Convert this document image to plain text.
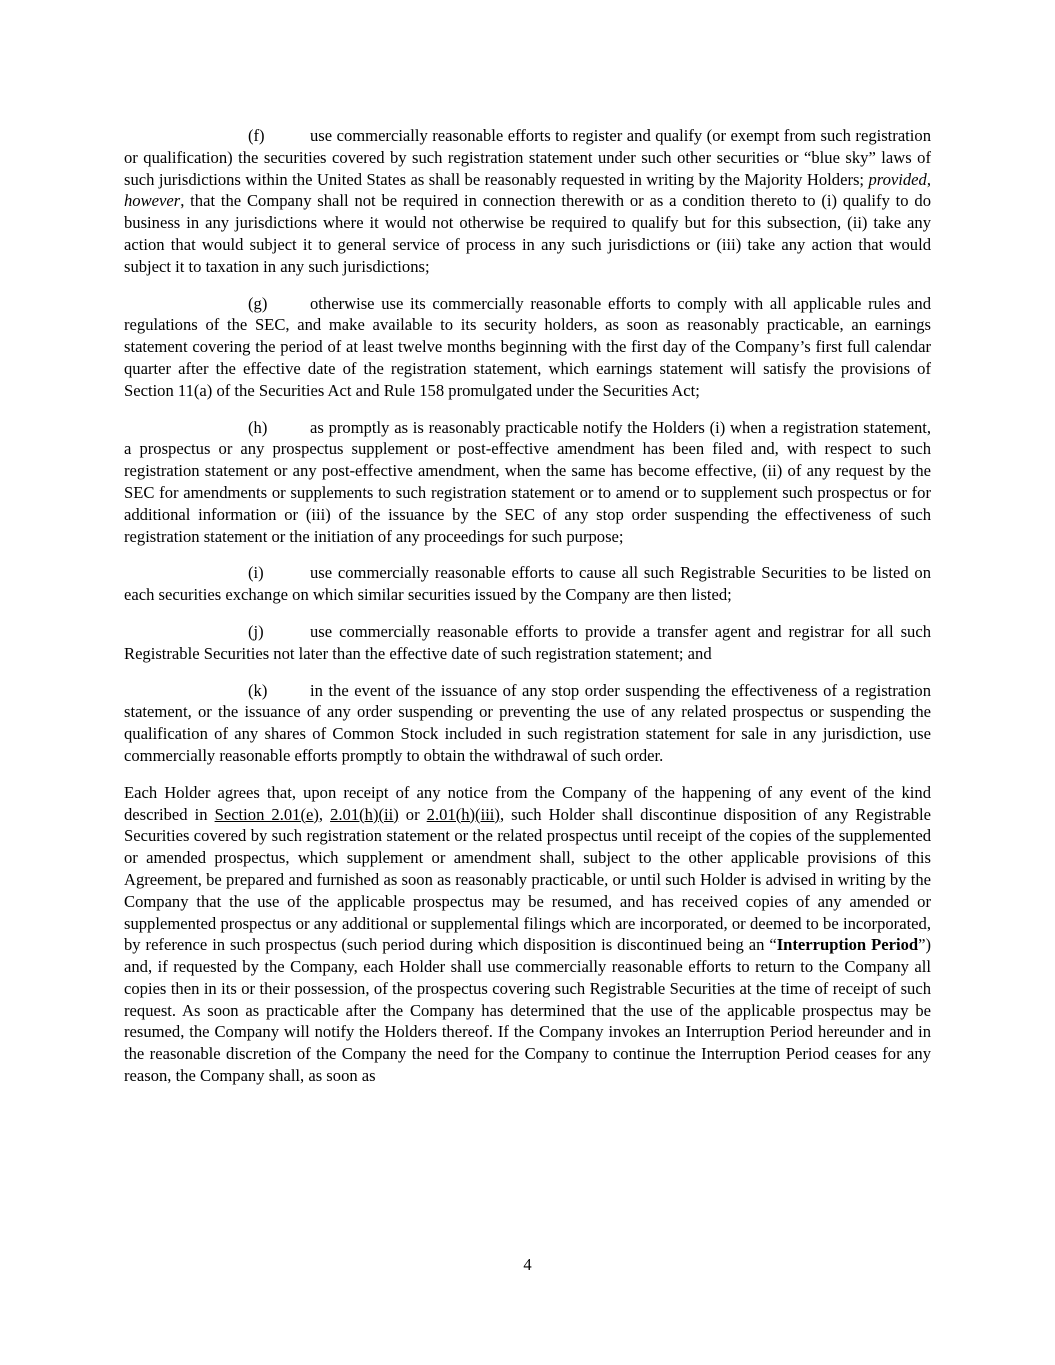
(f)	use commercially reasonable efforts to register and qualify (or exempt from such registration or qualification) the securities covered by such registration statement under such other securities or “blue sky” laws of such jurisdictions within the United States as shall be reasonably requested in writing by the Majority Holders; provided, however, that the Company shall not be required in connection therewith or as a condition thereto to (i) qualify to do business in any jurisdictions where it would not otherwise be required to qualify but for this subsection, (ii) take any action that would subject it to general service of process in any such jurisdictions or (iii) take any action that would subject it to taxation in any such jurisdictions;

(g)	otherwise use its commercially reasonable efforts to comply with all applicable rules and regulations of the SEC, and make available to its security holders, as soon as reasonably practicable, an earnings statement covering the period of at least twelve months beginning with the first day of the Company’s first full calendar quarter after the effective date of the registration statement, which earnings statement will satisfy the provisions of Section 11(a) of the Securities Act and Rule 158 promulgated under the Securities Act;

(h)	as promptly as is reasonably practicable notify the Holders (i) when a registration statement, a prospectus or any prospectus supplement or post-effective amendment has been filed and, with respect to such registration statement or any post-effective amendment, when the same has become effective, (ii) of any request by the SEC for amendments or supplements to such registration statement or to amend or to supplement such prospectus or for additional information or (iii) of the issuance by the SEC of any stop order suspending the effectiveness of such registration statement or the initiation of any proceedings for such purpose;

(i)	use commercially reasonable efforts to cause all such Registrable Securities to be listed on each securities exchange on which similar securities issued by the Company are then listed;

(j)	use commercially reasonable efforts to provide a transfer agent and registrar for all such Registrable Securities not later than the effective date of such registration statement; and

(k)	in the event of the issuance of any stop order suspending the effectiveness of a registration statement, or the issuance of any order suspending or preventing the use of any related prospectus or suspending the qualification of any shares of Common Stock included in such registration statement for sale in any jurisdiction, use commercially reasonable efforts promptly to obtain the withdrawal of such order.

Each Holder agrees that, upon receipt of any notice from the Company of the happening of any event of the kind described in Section 2.01(e), 2.01(h)(ii) or 2.01(h)(iii), such Holder shall discontinue disposition of any Registrable Securities covered by such registration statement or the related prospectus until receipt of the copies of the supplemented or amended prospectus, which supplement or amendment shall, subject to the other applicable provisions of this Agreement, be prepared and furnished as soon as reasonably practicable, or until such Holder is advised in writing by the Company that the use of the applicable prospectus may be resumed, and has received copies of any amended or supplemented prospectus or any additional or supplemental filings which are incorporated, or deemed to be incorporated, by reference in such prospectus (such period during which disposition is discontinued being an “Interruption Period”) and, if requested by the Company, each Holder shall use commercially reasonable efforts to return to the Company all copies then in its or their possession, of the prospectus covering such Registrable Securities at the time of receipt of such request. As soon as practicable after the Company has determined that the use of the applicable prospectus may be resumed, the Company will notify the Holders thereof. If the Company invokes an Interruption Period hereunder and in the reasonable discretion of the Company the need for the Company to continue the Interruption Period ceases for any reason, the Company shall, as soon as

4
